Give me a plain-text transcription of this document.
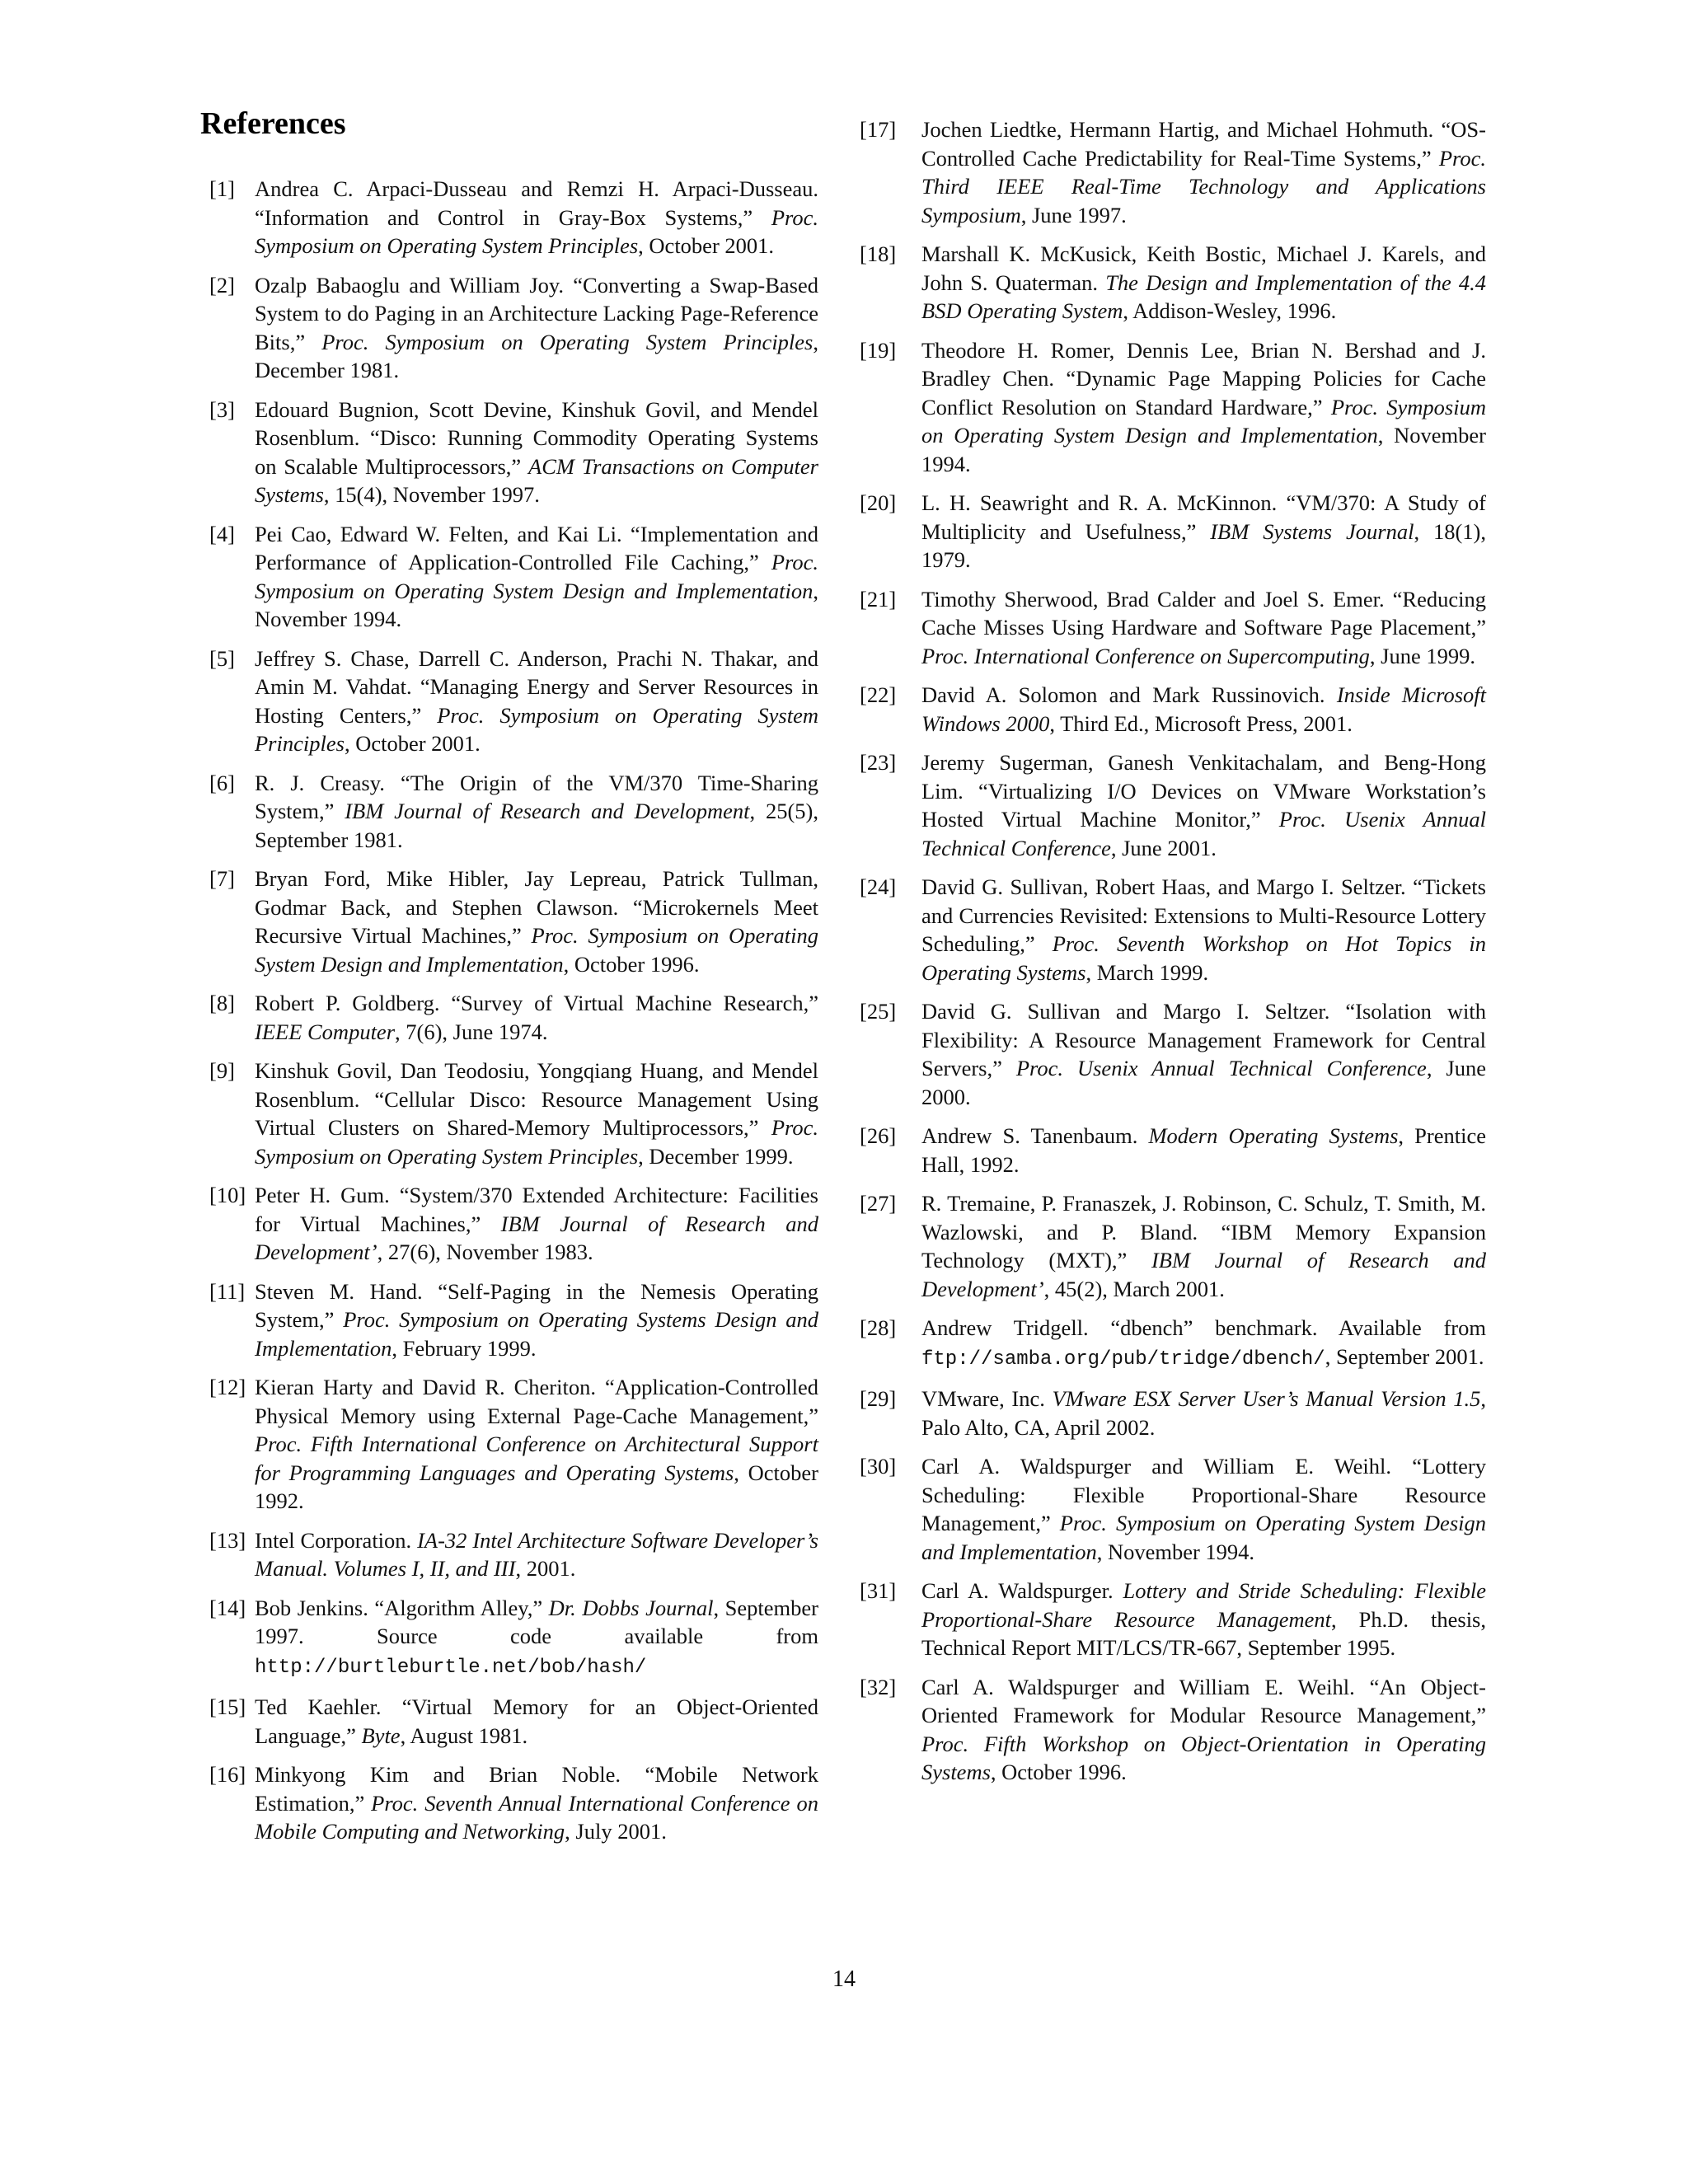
References
[1] Andrea C. Arpaci-Dusseau and Remzi H. Arpaci-Dusseau. “Information and Control in Gray-Box Systems,” Proc. Symposium on Operating System Principles, October 2001.
[2] Ozalp Babaoglu and William Joy. “Converting a Swap-Based System to do Paging in an Architecture Lacking Page-Reference Bits,” Proc. Symposium on Operating System Principles, December 1981.
[3] Edouard Bugnion, Scott Devine, Kinshuk Govil, and Mendel Rosenblum. “Disco: Running Commodity Operating Systems on Scalable Multiprocessors,” ACM Transactions on Computer Systems, 15(4), November 1997.
[4] Pei Cao, Edward W. Felten, and Kai Li. “Implementation and Performance of Application-Controlled File Caching,” Proc. Symposium on Operating System Design and Implementation, November 1994.
[5] Jeffrey S. Chase, Darrell C. Anderson, Prachi N. Thakar, and Amin M. Vahdat. “Managing Energy and Server Resources in Hosting Centers,” Proc. Symposium on Operating System Principles, October 2001.
[6] R. J. Creasy. “The Origin of the VM/370 Time-Sharing System,” IBM Journal of Research and Development, 25(5), September 1981.
[7] Bryan Ford, Mike Hibler, Jay Lepreau, Patrick Tullman, Godmar Back, and Stephen Clawson. “Microkernels Meet Recursive Virtual Machines,” Proc. Symposium on Operating System Design and Implementation, October 1996.
[8] Robert P. Goldberg. “Survey of Virtual Machine Research,” IEEE Computer, 7(6), June 1974.
[9] Kinshuk Govil, Dan Teodosiu, Yongqiang Huang, and Mendel Rosenblum. “Cellular Disco: Resource Management Using Virtual Clusters on Shared-Memory Multiprocessors,” Proc. Symposium on Operating System Principles, December 1999.
[10] Peter H. Gum. “System/370 Extended Architecture: Facilities for Virtual Machines,” IBM Journal of Research and Development’, 27(6), November 1983.
[11] Steven M. Hand. “Self-Paging in the Nemesis Operating System,” Proc. Symposium on Operating Systems Design and Implementation, February 1999.
[12] Kieran Harty and David R. Cheriton. “Application-Controlled Physical Memory using External Page-Cache Management,” Proc. Fifth International Conference on Architectural Support for Programming Languages and Operating Systems, October 1992.
[13] Intel Corporation. IA-32 Intel Architecture Software Developer’s Manual. Volumes I, II, and III, 2001.
[14] Bob Jenkins. “Algorithm Alley,” Dr. Dobbs Journal, September 1997. Source code available from http://burtleburtle.net/bob/hash/
[15] Ted Kaehler. “Virtual Memory for an Object-Oriented Language,” Byte, August 1981.
[16] Minkyong Kim and Brian Noble. “Mobile Network Estimation,” Proc. Seventh Annual International Conference on Mobile Computing and Networking, July 2001.
[17] Jochen Liedtke, Hermann Hartig, and Michael Hohmuth. “OS-Controlled Cache Predictability for Real-Time Systems,” Proc. Third IEEE Real-Time Technology and Applications Symposium, June 1997.
[18] Marshall K. McKusick, Keith Bostic, Michael J. Karels, and John S. Quaterman. The Design and Implementation of the 4.4 BSD Operating System, Addison-Wesley, 1996.
[19] Theodore H. Romer, Dennis Lee, Brian N. Bershad and J. Bradley Chen. “Dynamic Page Mapping Policies for Cache Conflict Resolution on Standard Hardware,” Proc. Symposium on Operating System Design and Implementation, November 1994.
[20] L. H. Seawright and R. A. McKinnon. “VM/370: A Study of Multiplicity and Usefulness,” IBM Systems Journal, 18(1), 1979.
[21] Timothy Sherwood, Brad Calder and Joel S. Emer. “Reducing Cache Misses Using Hardware and Software Page Placement,” Proc. International Conference on Supercomputing, June 1999.
[22] David A. Solomon and Mark Russinovich. Inside Microsoft Windows 2000, Third Ed., Microsoft Press, 2001.
[23] Jeremy Sugerman, Ganesh Venkitachalam, and Beng-Hong Lim. “Virtualizing I/O Devices on VMware Workstation’s Hosted Virtual Machine Monitor,” Proc. Usenix Annual Technical Conference, June 2001.
[24] David G. Sullivan, Robert Haas, and Margo I. Seltzer. “Tickets and Currencies Revisited: Extensions to Multi-Resource Lottery Scheduling,” Proc. Seventh Workshop on Hot Topics in Operating Systems, March 1999.
[25] David G. Sullivan and Margo I. Seltzer. “Isolation with Flexibility: A Resource Management Framework for Central Servers,” Proc. Usenix Annual Technical Conference, June 2000.
[26] Andrew S. Tanenbaum. Modern Operating Systems, Prentice Hall, 1992.
[27] R. Tremaine, P. Franaszek, J. Robinson, C. Schulz, T. Smith, M. Wazlowski, and P. Bland. “IBM Memory Expansion Technology (MXT),” IBM Journal of Research and Development’, 45(2), March 2001.
[28] Andrew Tridgell. “dbench” benchmark. Available from ftp://samba.org/pub/tridge/dbench/, September 2001.
[29] VMware, Inc. VMware ESX Server User’s Manual Version 1.5, Palo Alto, CA, April 2002.
[30] Carl A. Waldspurger and William E. Weihl. “Lottery Scheduling: Flexible Proportional-Share Resource Management,” Proc. Symposium on Operating System Design and Implementation, November 1994.
[31] Carl A. Waldspurger. Lottery and Stride Scheduling: Flexible Proportional-Share Resource Management, Ph.D. thesis, Technical Report MIT/LCS/TR-667, September 1995.
[32] Carl A. Waldspurger and William E. Weihl. “An Object-Oriented Framework for Modular Resource Management,” Proc. Fifth Workshop on Object-Orientation in Operating Systems, October 1996.
14
